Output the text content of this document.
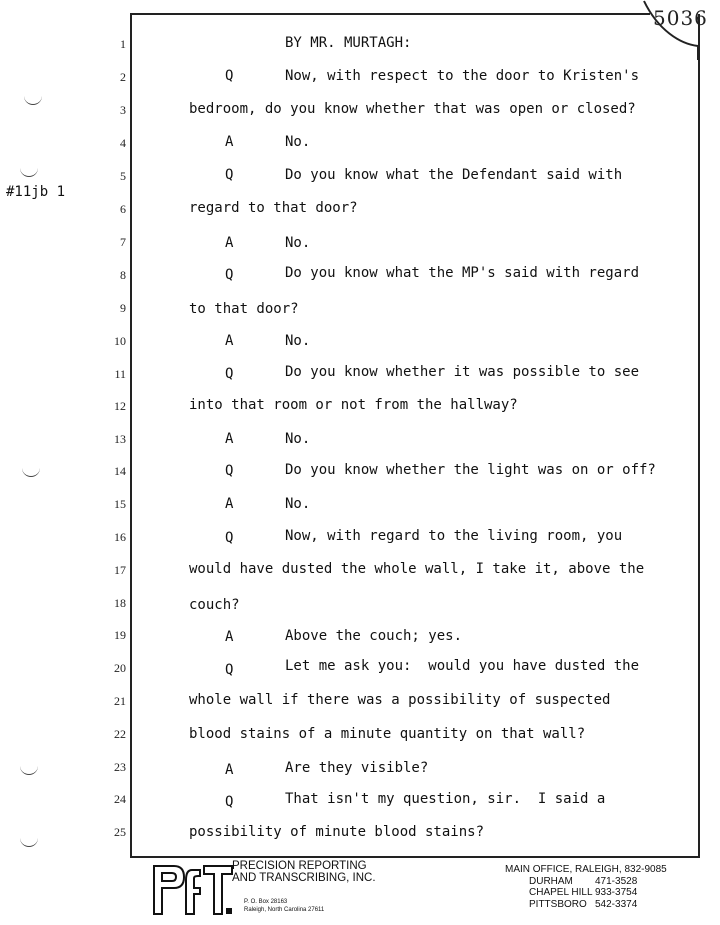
5036
#11jb 1
1	BY MR. MURTAGH:
2	Q	Now, with respect to the door to Kristen's
3	bedroom, do you know whether that was open or closed?
4	A	No.
5	Q	Do you know what the Defendant said with
6	regard to that door?
7	A	No.
8	Q	Do you know what the MP's said with regard
9	to that door?
10	A	No.
11	Q	Do you know whether it was possible to see
12	into that room or not from the hallway?
13	A	No.
14	Q	Do you know whether the light was on or off?
15	A	No.
16	Q	Now, with regard to the living room, you
17	would have dusted the whole wall, I take it, above the
18	couch?
19	A	Above the couch; yes.
20	Q	Let me ask you:  would you have dusted the
21	whole wall if there was a possibility of suspected
22	blood stains of a minute quantity on that wall?
23	A	Are they visible?
24	Q	That isn't my question, sir.  I said a
25	possibility of minute blood stains?
PRECISION REPORTING
AND TRANSCRIBING, INC.
P. O. Box 28163
Raleigh, North Carolina 27611
MAIN OFFICE, RALEIGH, 832-9085
DURHAM	471-3528
CHAPEL HILL 933-3754
PITTSBORO 542-3374
